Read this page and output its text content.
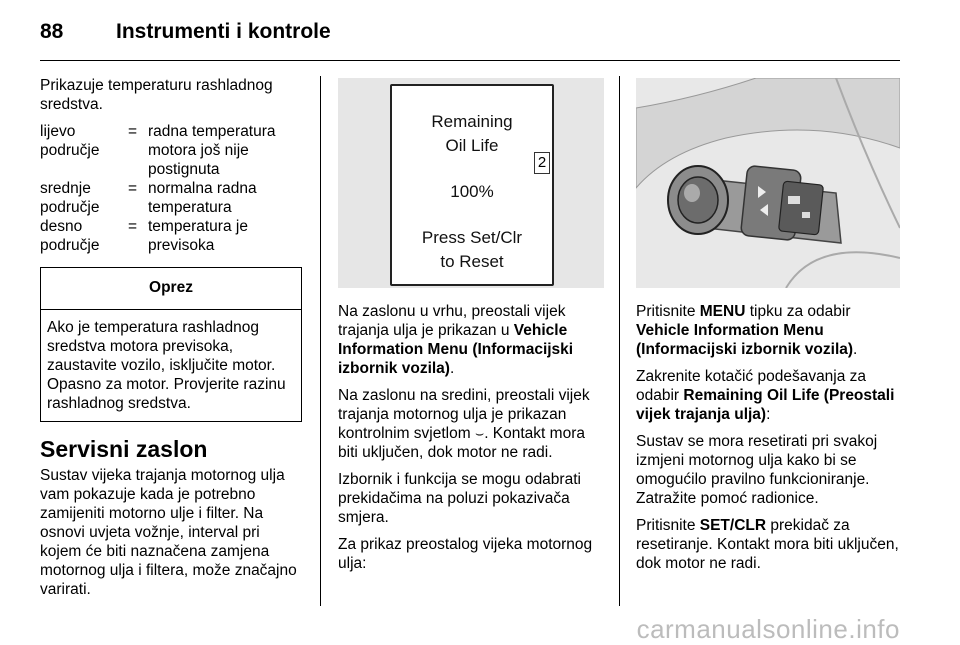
88	Instrumenti i kontrole

Prikazuje temperaturu rashladnog sredstva.

lijevo područje
= radna temperatura motora još nije postignuta
srednje područje
= normalna radna temperatura
desno područje
= temperatura je previsoka
Oprez
Ako je temperatura rashladnog sredstva motora previsoka, zaustavite vozilo, isključite motor. Opasno za motor. Provjerite razinu rashladnog sredstva.
Servisni zaslon

Sustav vijeka trajanja motornog ulja vam pokazuje kada je potrebno zamijeniti motorno ulje i filter. Na osnovi uvjeta vožnje, interval pri kojem će biti naznačena zamjena motornog ulja i filtera, može značajno varirati.

Remaining
Oil Life
100%
Press Set/Clr
to Reset
2

Na zaslonu u vrhu, preostali vijek trajanja ulja je prikazan u Vehicle Information Menu (Informacijski izbornik vozila).

Na zaslonu na sredini, preostali vijek trajanja motornog ulja je prikazan kontrolnim svjetlom ⌣. Kontakt mora biti uključen, dok motor ne radi.

Izbornik i funkcija se mogu odabrati prekidačima na poluzi pokazivača smjera.

Za prikaz preostalog vijeka motornog ulja:

Pritisnite MENU tipku za odabir Vehicle Information Menu (Informacijski izbornik vozila).

Zakrenite kotačić podešavanja za odabir Remaining Oil Life (Preostali vijek trajanja ulja):

Sustav se mora resetirati pri svakoj izmjeni motornog ulja kako bi se omogućilo pravilno funkcioniranje. Zatražite pomoć radionice.

Pritisnite SET/CLR prekidač za resetiranje. Kontakt mora biti uključen, dok motor ne radi.

carmanualsonline.info
